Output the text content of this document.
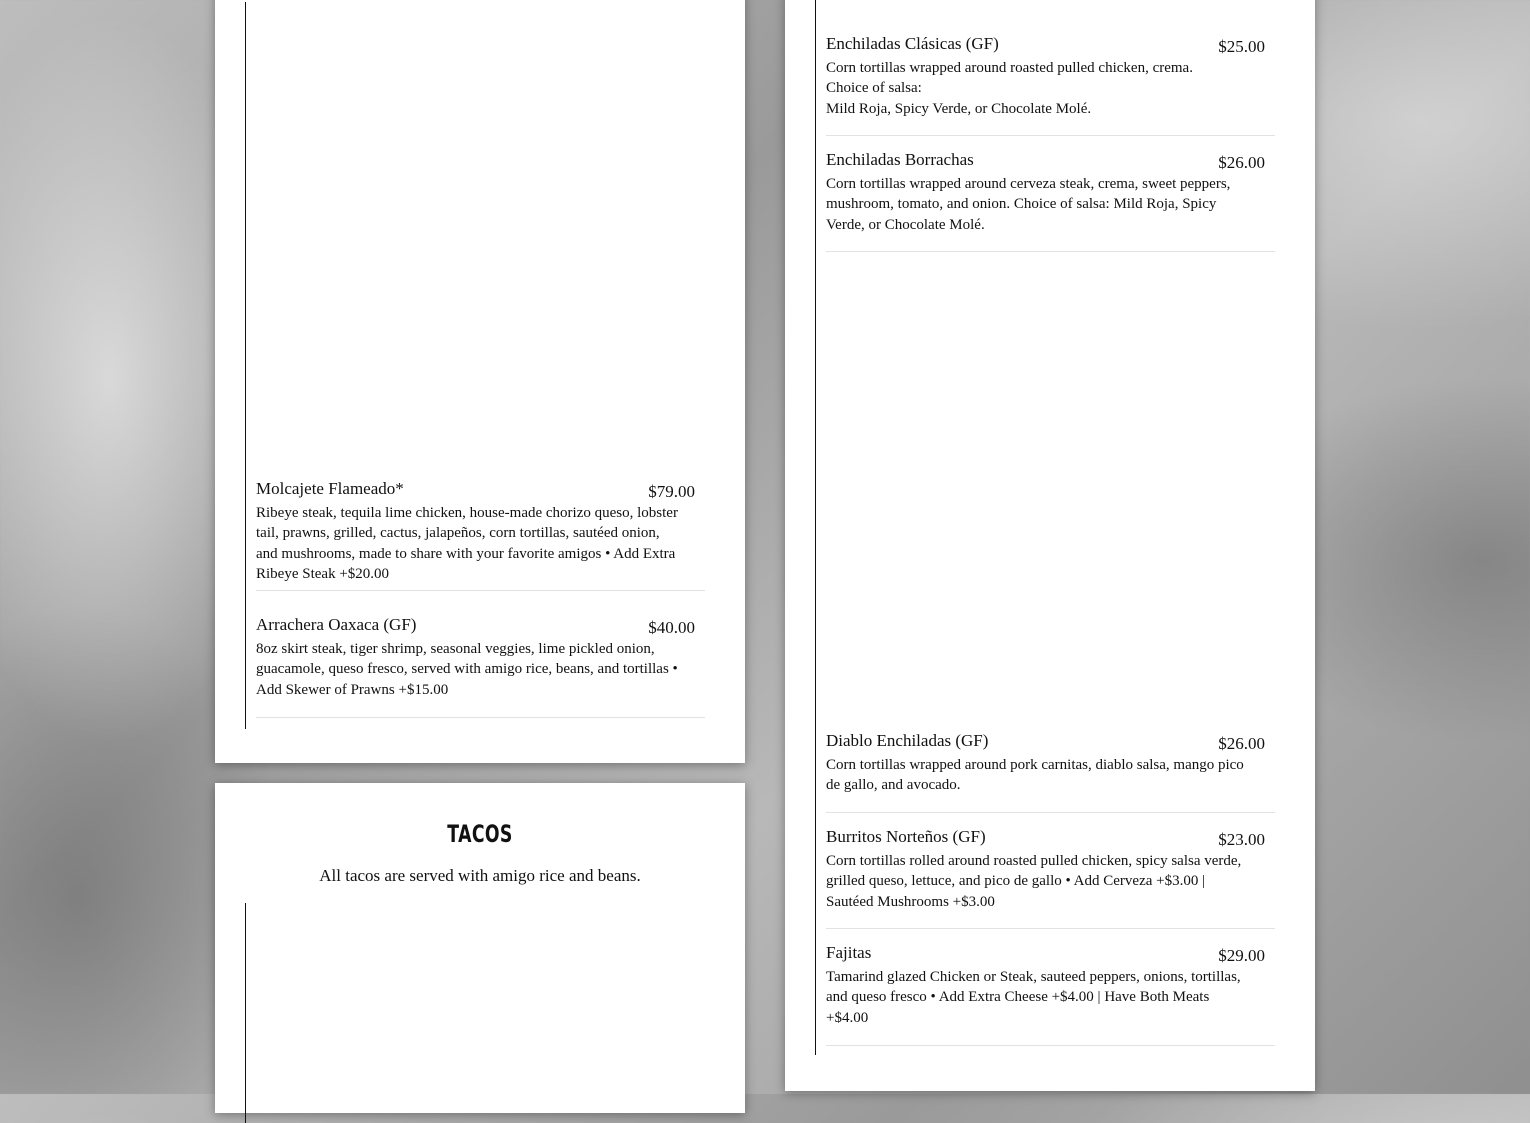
Molcajete Flameado*	$79.00
Ribeye steak, tequila lime chicken, house-made chorizo queso, lobster tail, prawns, grilled, cactus, jalapeños, corn tortillas, sautéed onion, and mushrooms, made to share with your favorite amigos • Add Extra Ribeye Steak +$20.00
Arrachera Oaxaca (GF)	$40.00
8oz skirt steak, tiger shrimp, seasonal veggies, lime pickled onion, guacamole, queso fresco, served with amigo rice, beans, and tortillas • Add Skewer of Prawns +$15.00
TACOS
All tacos are served with amigo rice and beans.
Enchiladas Clásicas (GF)	$25.00
Corn tortillas wrapped around roasted pulled chicken, crema.
Choice of salsa:
Mild Roja, Spicy Verde, or Chocolate Molé.
Enchiladas Borrachas	$26.00
Corn tortillas wrapped around cerveza steak, crema, sweet peppers, mushroom, tomato, and onion. Choice of salsa: Mild Roja, Spicy Verde, or Chocolate Molé.
Diablo Enchiladas (GF)	$26.00
Corn tortillas wrapped around pork carnitas, diablo salsa, mango pico de gallo, and avocado.
Burritos Norteños (GF)	$23.00
Corn tortillas rolled around roasted pulled chicken, spicy salsa verde, grilled queso, lettuce, and pico de gallo • Add Cerveza +$3.00 | Sautéed Mushrooms +$3.00
Fajitas	$29.00
Tamarind glazed Chicken or Steak, sauteed peppers, onions, tortillas, and queso fresco • Add Extra Cheese +$4.00 | Have Both Meats +$4.00
